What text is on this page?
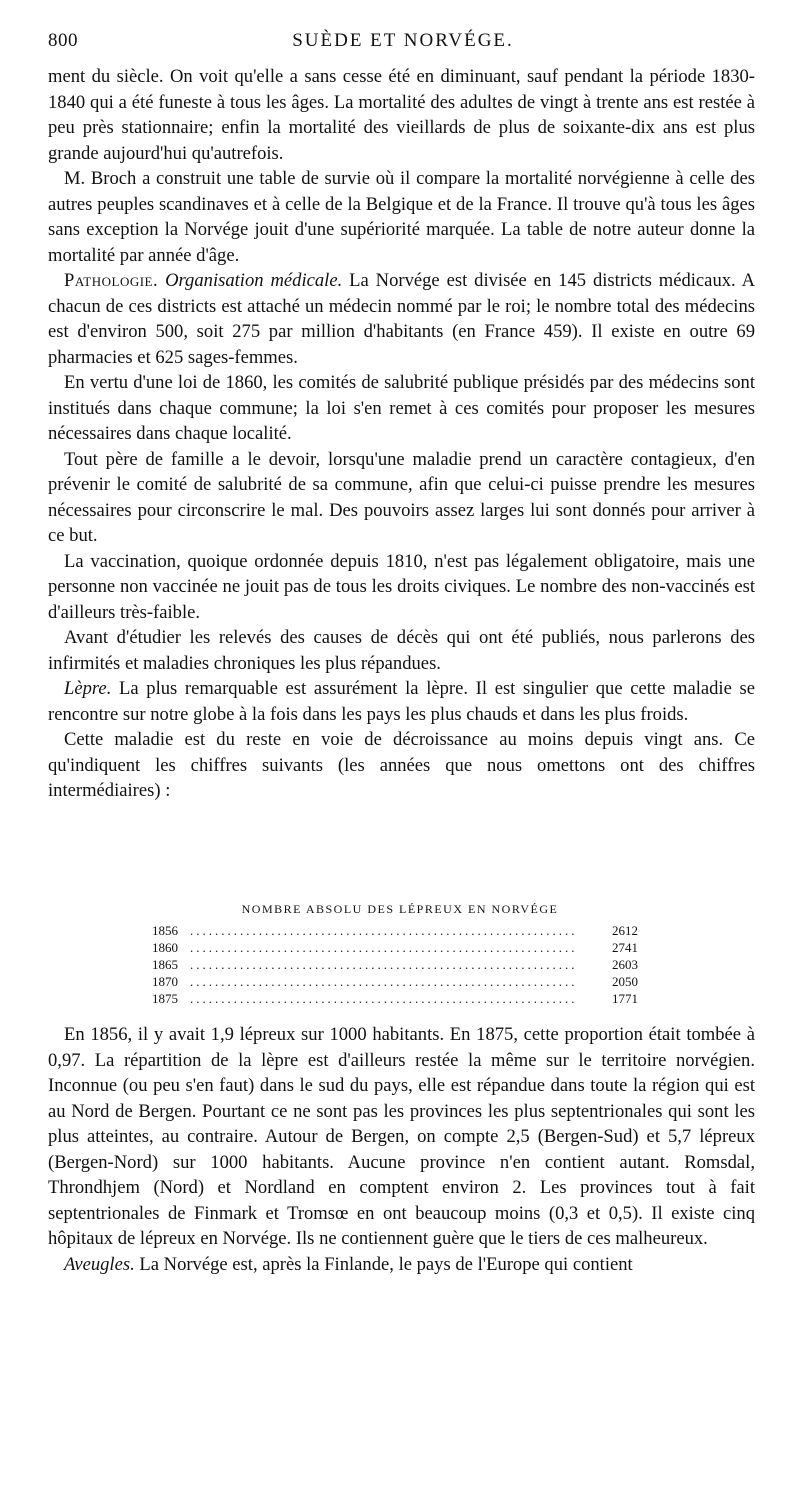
800	SUÈDE ET NORVÉGE.

ment du siècle. On voit qu'elle a sans cesse été en diminuant, sauf pendant la période 1830-1840 qui a été funeste à tous les âges. La mortalité des adultes de vingt à trente ans est restée à peu près stationnaire; enfin la mortalité des vieillards de plus de soixante-dix ans est plus grande aujourd'hui qu'autrefois.

M. Broch a construit une table de survie où il compare la mortalité norvégienne à celle des autres peuples scandinaves et à celle de la Belgique et de la France. Il trouve qu'à tous les âges sans exception la Norvége jouit d'une supériorité marquée. La table de notre auteur donne la mortalité par année d'âge.

Pathologie. Organisation médicale. La Norvége est divisée en 145 districts médicaux. A chacun de ces districts est attaché un médecin nommé par le roi; le nombre total des médecins est d'environ 500, soit 275 par million d'habitants (en France 459). Il existe en outre 69 pharmacies et 625 sages-femmes.

En vertu d'une loi de 1860, les comités de salubrité publique présidés par des médecins sont institués dans chaque commune; la loi s'en remet à ces comités pour proposer les mesures nécessaires dans chaque localité.

Tout père de famille a le devoir, lorsqu'une maladie prend un caractère contagieux, d'en prévenir le comité de salubrité de sa commune, afin que celui-ci puisse prendre les mesures nécessaires pour circonscrire le mal. Des pouvoirs assez larges lui sont donnés pour arriver à ce but.

La vaccination, quoique ordonnée depuis 1810, n'est pas légalement obligatoire, mais une personne non vaccinée ne jouit pas de tous les droits civiques. Le nombre des non-vaccinés est d'ailleurs très-faible.

Avant d'étudier les relevés des causes de décès qui ont été publiés, nous parlerons des infirmités et maladies chroniques les plus répandues.

Lèpre. La plus remarquable est assurément la lèpre. Il est singulier que cette maladie se rencontre sur notre globe à la fois dans les pays les plus chauds et dans les plus froids.

Cette maladie est du reste en voie de décroissance au moins depuis vingt ans. Ce qu'indiquent les chiffres suivants (les années que nous omettons ont des chiffres intermédiaires) :

NOMBRE ABSOLU DES LÉPREUX EN NORVÉGE
1856 ..............................................................	2612
1860 ..............................................................	2741
1865 ..............................................................	2603
1870 ..............................................................	2050
1875 ..............................................................	1771

En 1856, il y avait 1,9 lépreux sur 1000 habitants. En 1875, cette proportion était tombée à 0,97. La répartition de la lèpre est d'ailleurs restée la même sur le territoire norvégien. Inconnue (ou peu s'en faut) dans le sud du pays, elle est répandue dans toute la région qui est au Nord de Bergen. Pourtant ce ne sont pas les provinces les plus septentrionales qui sont les plus atteintes, au contraire. Autour de Bergen, on compte 2,5 (Bergen-Sud) et 5,7 lépreux (Bergen-Nord) sur 1000 habitants. Aucune province n'en contient autant. Romsdal, Throndhjem (Nord) et Nordland en comptent environ 2. Les provinces tout à fait septentrionales de Finmark et Tromsœ en ont beaucoup moins (0,3 et 0,5). Il existe cinq hôpitaux de lépreux en Norvége. Ils ne contiennent guère que le tiers de ces malheureux.

Aveugles. La Norvége est, après la Finlande, le pays de l'Europe qui contient
